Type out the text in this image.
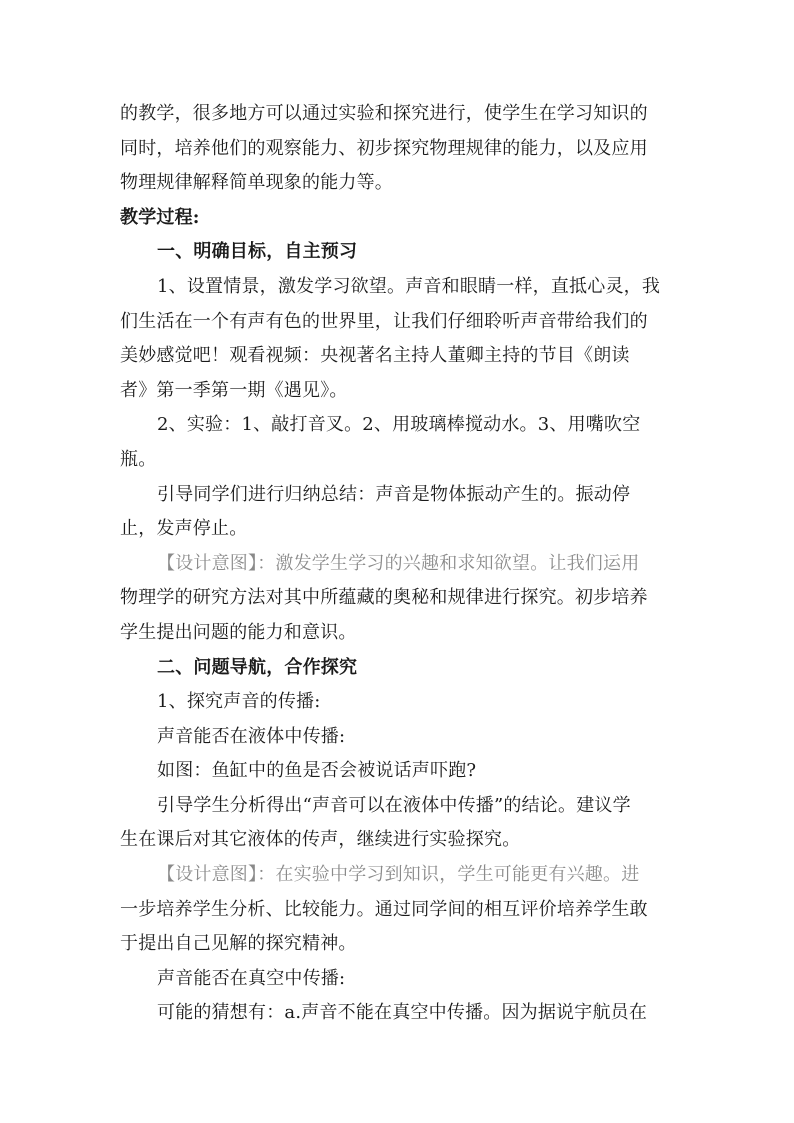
的教学，很多地方可以通过实验和探究进行，使学生在学习知识的
同时，培养他们的观察能力、初步探究物理规律的能力，以及应用
物理规律解释简单现象的能力等。
教学过程:
一、明确目标，自主预习
1、设置情景，激发学习欲望。声音和眼睛一样，直抵心灵，我
们生活在一个有声有色的世界里，让我们仔细聆听声音带给我们的
美妙感觉吧！观看视频：央视著名主持人董卿主持的节目《朗读
者》第一季第一期《遇见》。
2、实验：1、敲打音叉。2、用玻璃棒搅动水。3、用嘴吹空
瓶。
引导同学们进行归纳总结：声音是物体振动产生的。振动停
止，发声停止。
【设计意图】：激发学生学习的兴趣和求知欲望。让我们运用
物理学的研究方法对其中所蕴藏的奥秘和规律进行探究。初步培养
学生提出问题的能力和意识。
二、问题导航，合作探究
1、探究声音的传播:
声音能否在液体中传播:
如图：鱼缸中的鱼是否会被说话声吓跑?
引导学生分析得出“声音可以在液体中传播”的结论。建议学
生在课后对其它液体的传声，继续进行实验探究。
【设计意图】：在实验中学习到知识，学生可能更有兴趣。进
一步培养学生分析、比较能力。通过同学间的相互评价培养学生敢
于提出自己见解的探究精神。
声音能否在真空中传播:
可能的猜想有：a.声音不能在真空中传播。因为据说宇航员在
